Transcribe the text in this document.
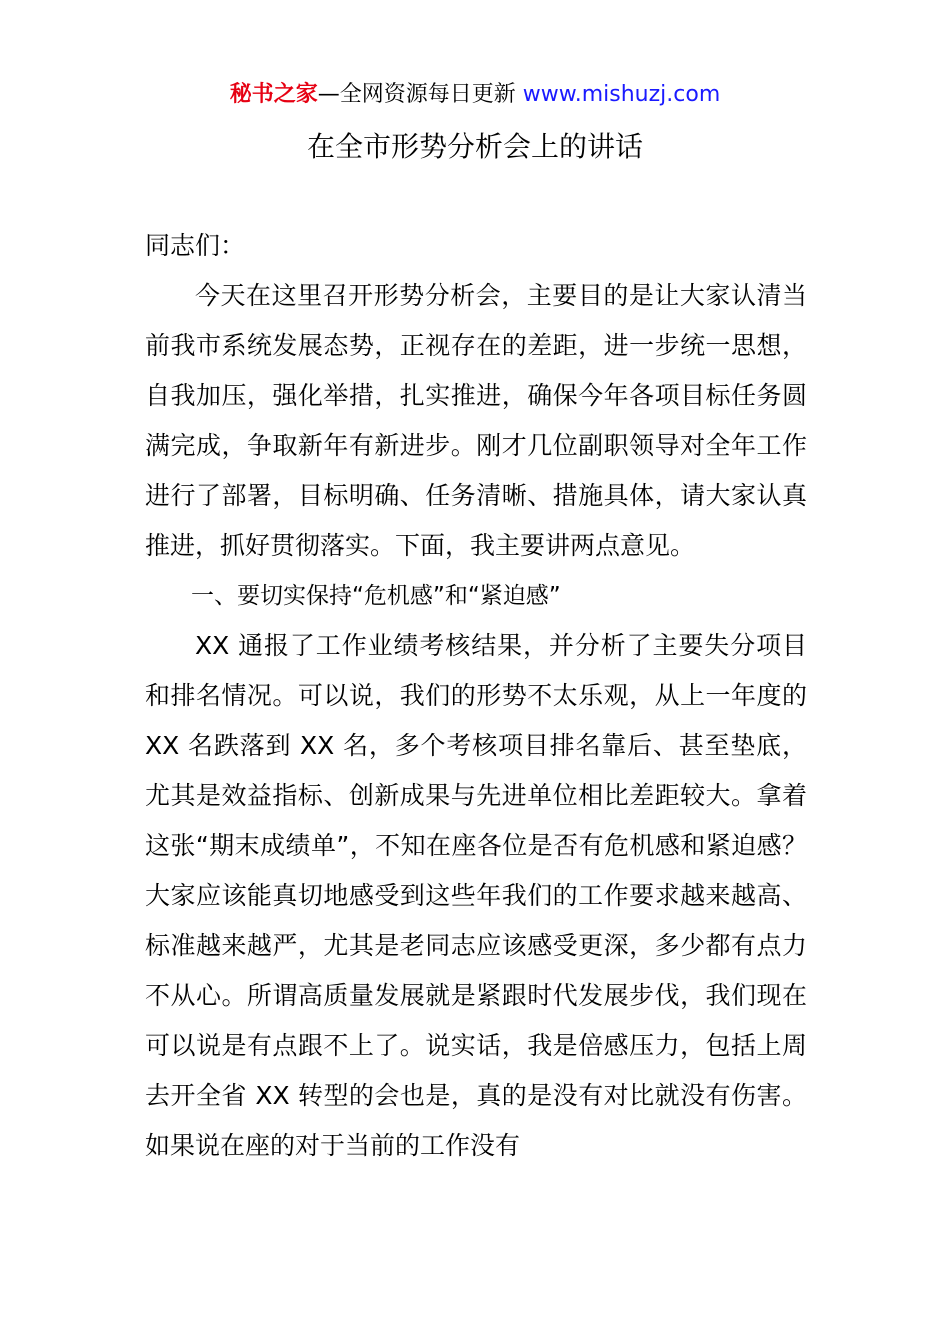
秘书之家—全网资源每日更新 www.mishuzj.com
在全市形势分析会上的讲话

同志们：

今天在这里召开形势分析会，主要目的是让大家认清当前我市系统发展态势，正视存在的差距，进一步统一思想，自我加压，强化举措，扎实推进，确保今年各项目标任务圆满完成，争取新年有新进步。刚才几位副职领导对全年工作进行了部署，目标明确、任务清晰、措施具体，请大家认真推进，抓好贯彻落实。下面，我主要讲两点意见。

一、要切实保持“危机感”和“紧迫感”

XX 通报了工作业绩考核结果，并分析了主要失分项目和排名情况。可以说，我们的形势不太乐观，从上一年度的 XX 名跌落到 XX 名，多个考核项目排名靠后、甚至垫底，尤其是效益指标、创新成果与先进单位相比差距较大。拿着这张“期末成绩单”，不知在座各位是否有危机感和紧迫感？大家应该能真切地感受到这些年我们的工作要求越来越高、标准越来越严，尤其是老同志应该感受更深，多少都有点力不从心。所谓高质量发展就是紧跟时代发展步伐，我们现在可以说是有点跟不上了。说实话，我是倍感压力，包括上周去开全省 XX 转型的会也是，真的是没有对比就没有伤害。如果说在座的对于当前的工作没有
